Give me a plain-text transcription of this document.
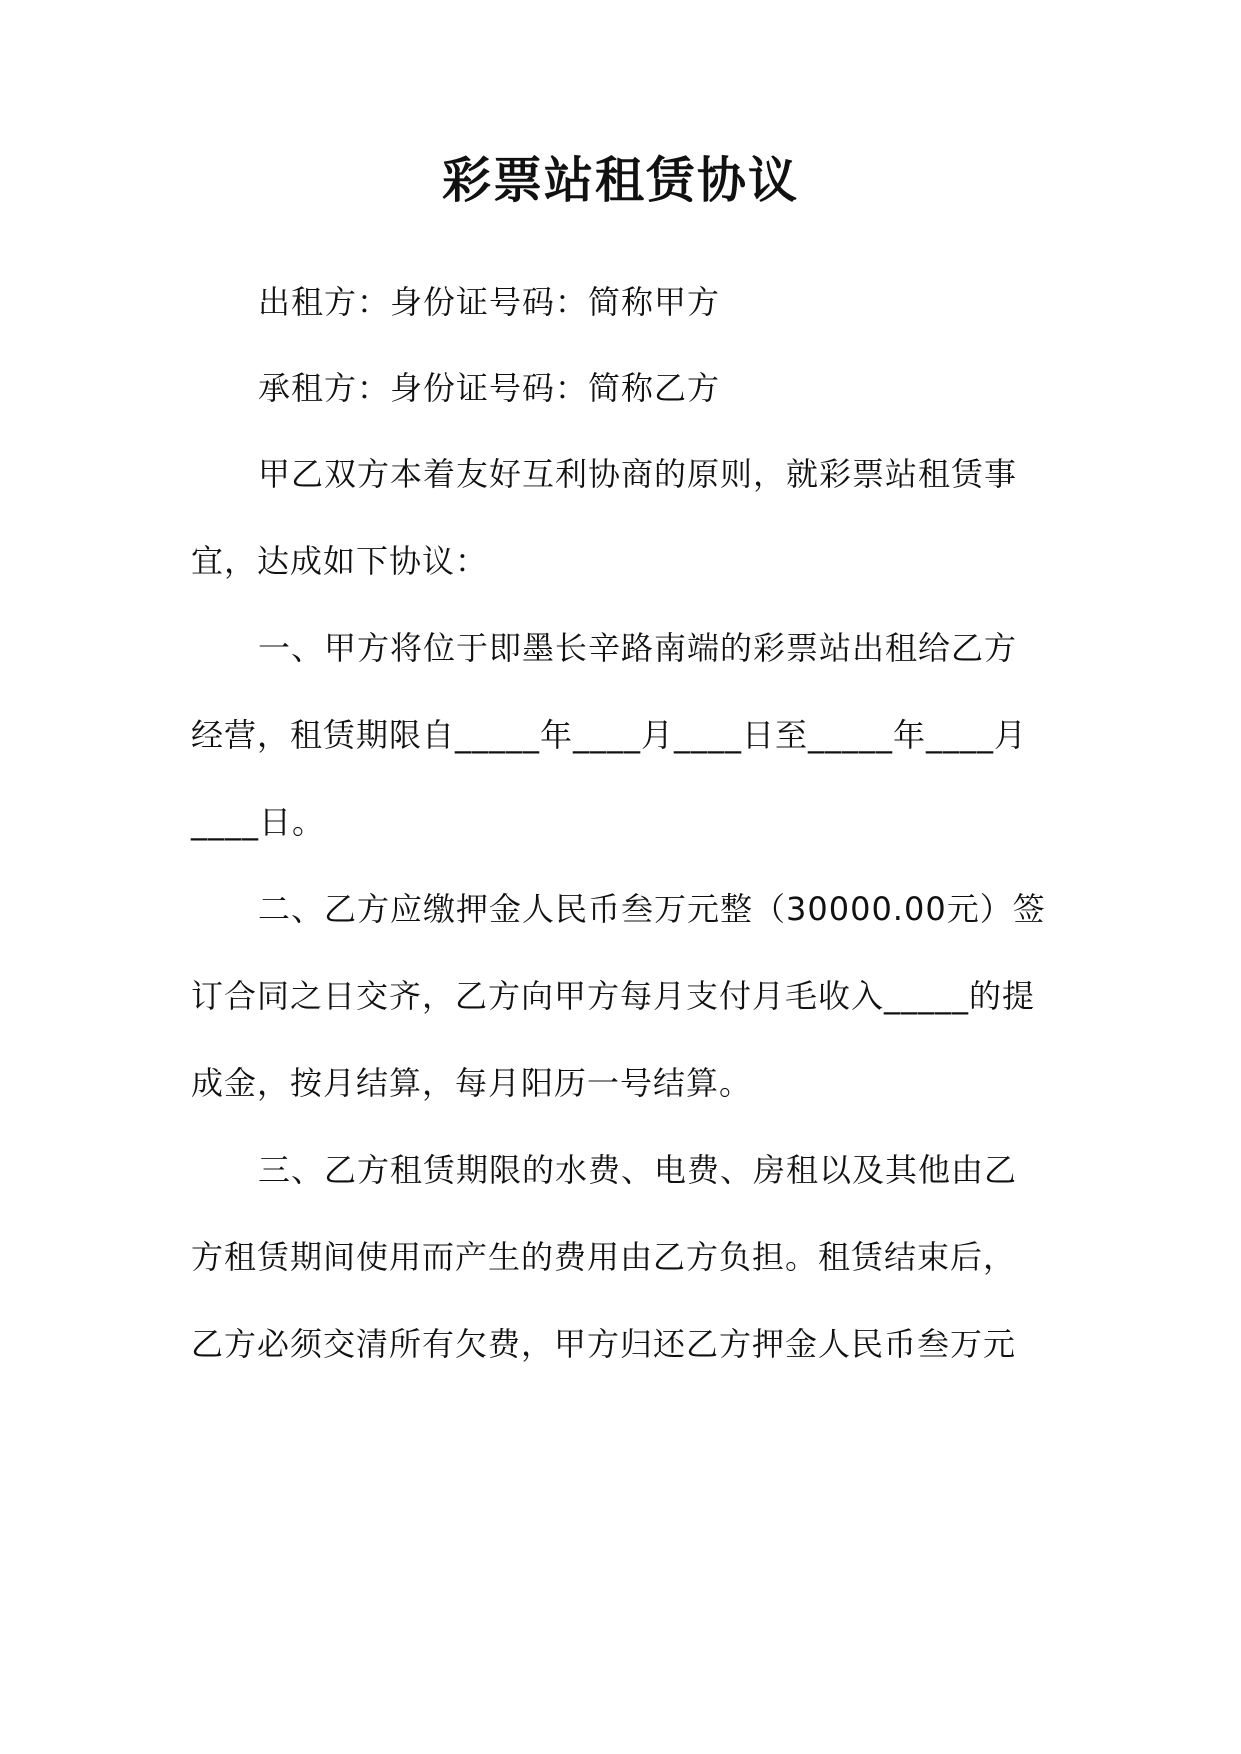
彩票站租赁协议
出租方：身份证号码：简称甲方
承租方：身份证号码：简称乙方
甲乙双方本着友好互利协商的原则，就彩票站租赁事
宜，达成如下协议：
一、甲方将位于即墨长辛路南端的彩票站出租给乙方
经营，租赁期限自_____年____月____日至_____年____月
____日。
二、乙方应缴押金人民币叁万元整（30000.00元）签
订合同之日交齐，乙方向甲方每月支付月毛收入_____的提
成金，按月结算，每月阳历一号结算。
三、乙方租赁期限的水费、电费、房租以及其他由乙
方租赁期间使用而产生的费用由乙方负担。租赁结束后，
乙方必须交清所有欠费，甲方归还乙方押金人民币叁万元
